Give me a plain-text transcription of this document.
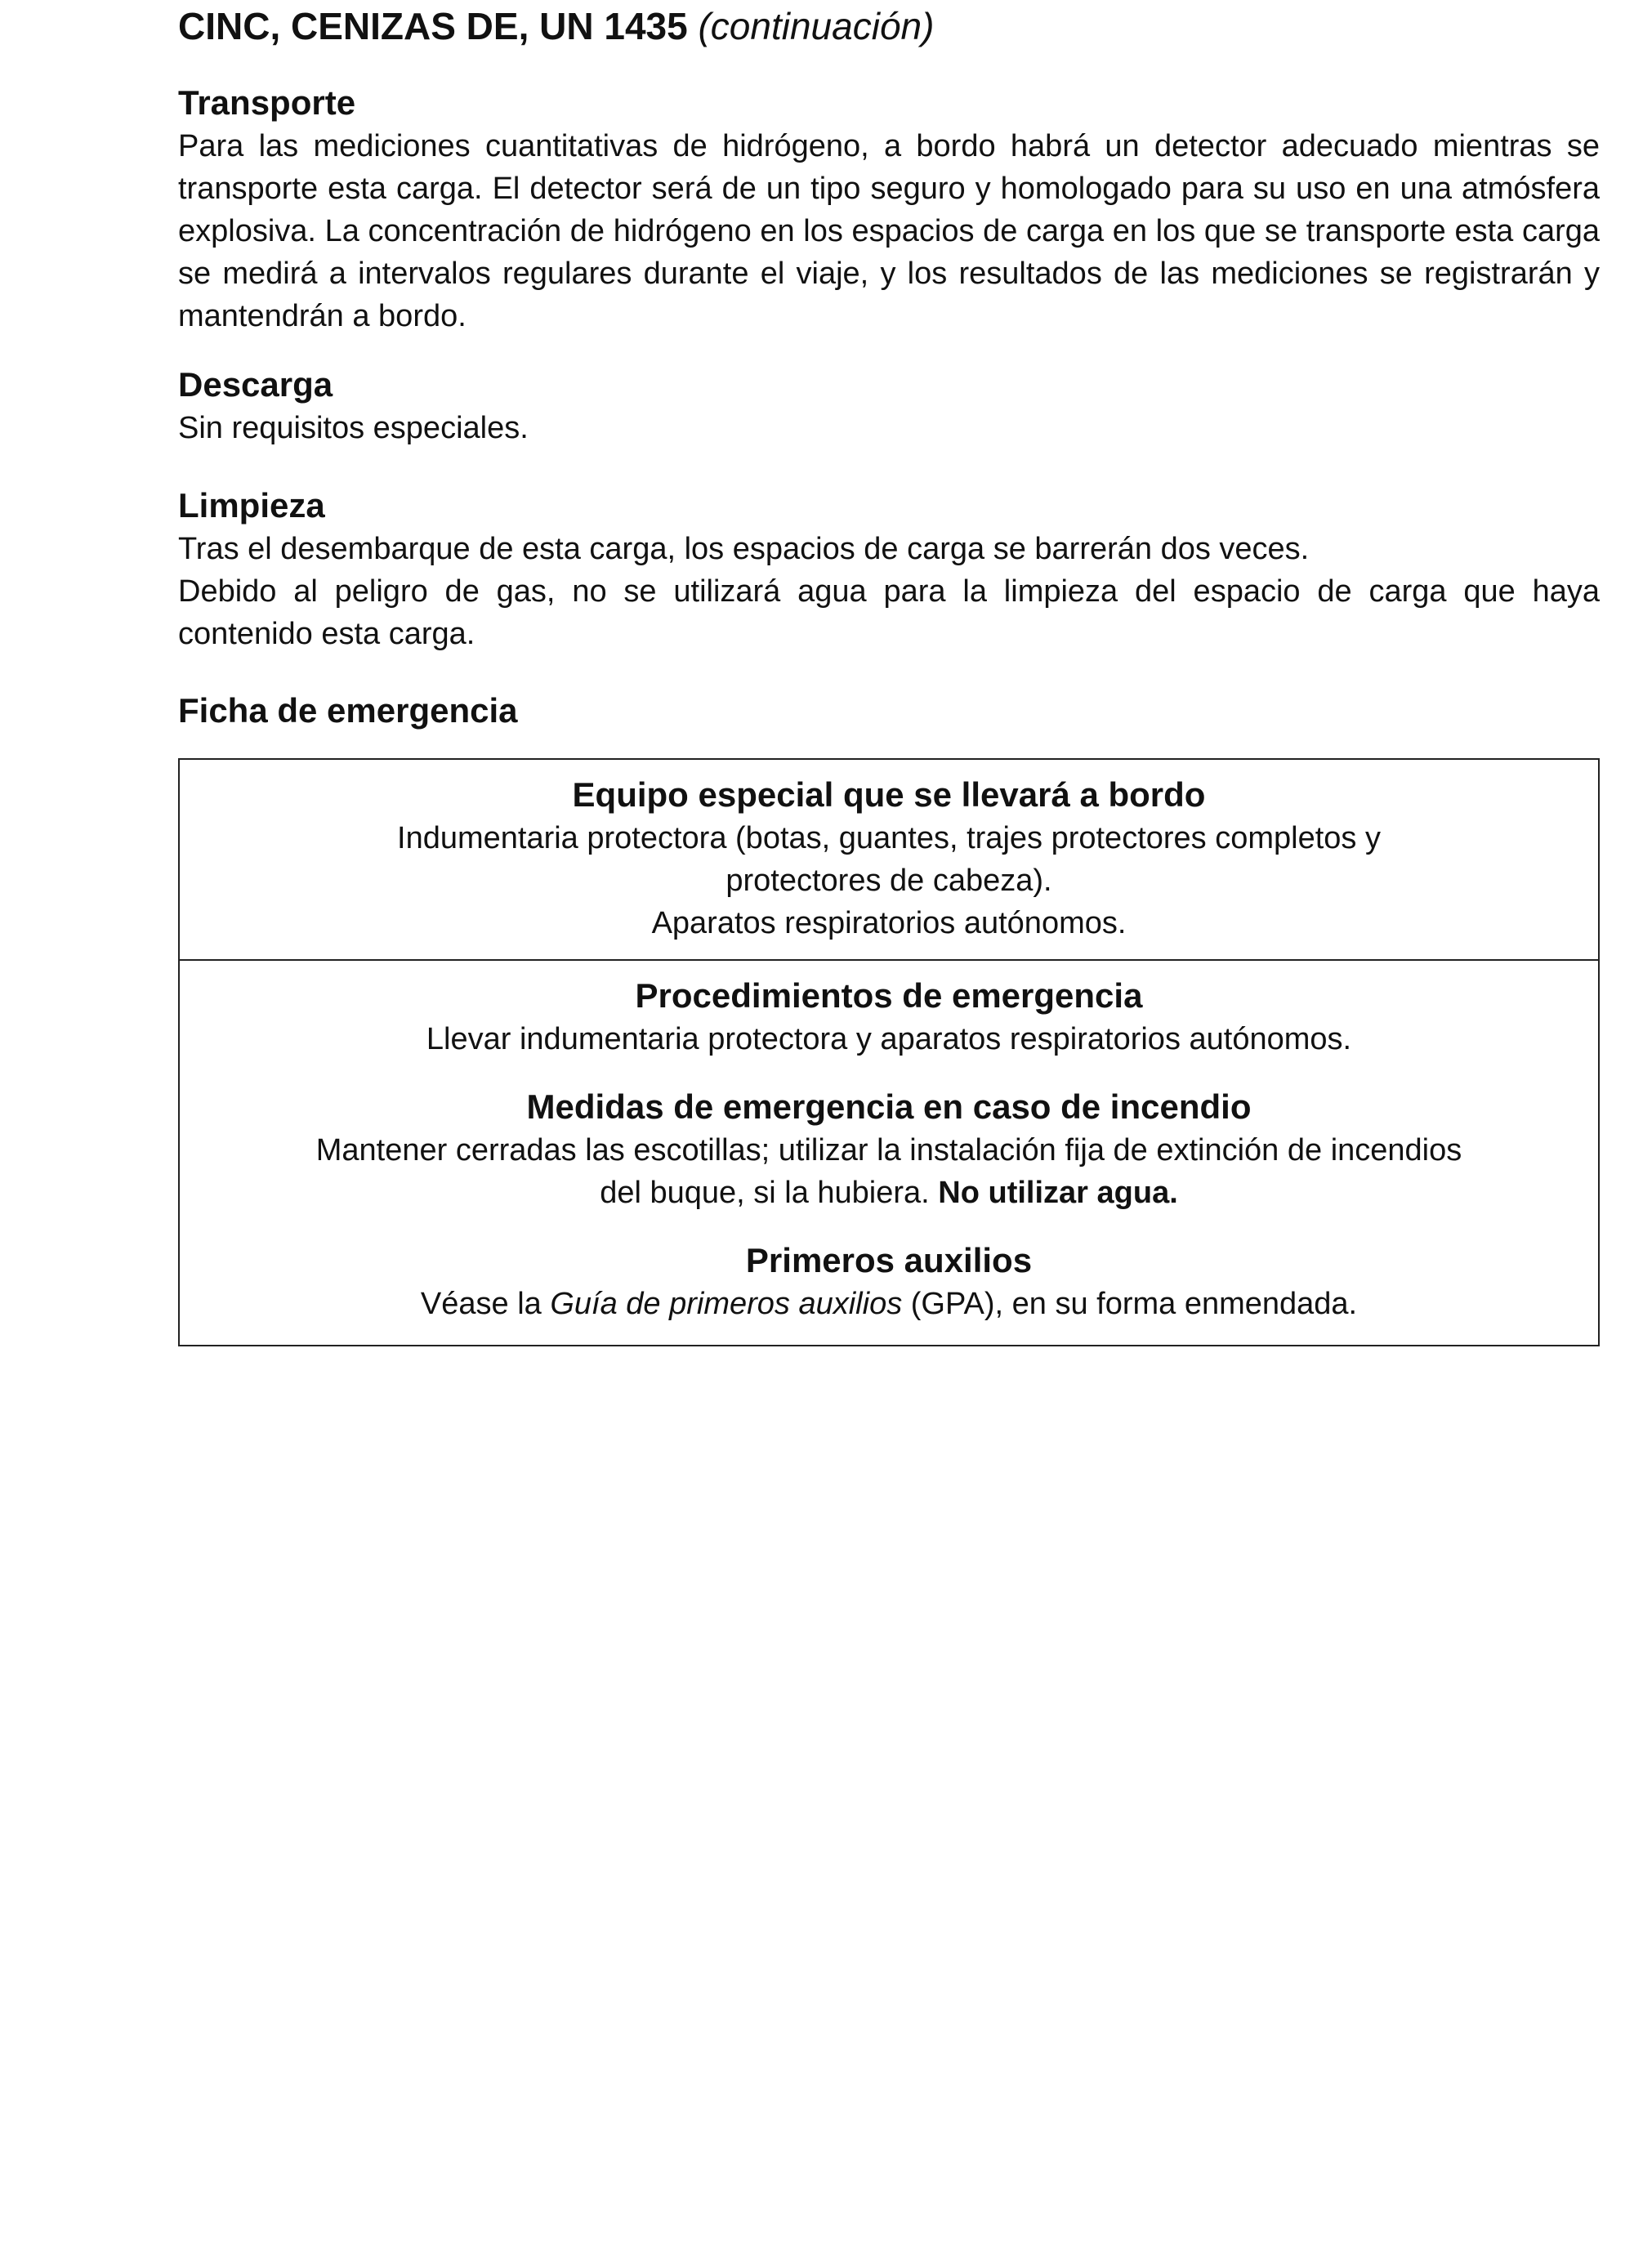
CINC, CENIZAS DE, UN 1435 (continuación)
Transporte

Para las mediciones cuantitativas de hidrógeno, a bordo habrá un detector adecuado mientras se transporte esta carga. El detector será de un tipo seguro y homologado para su uso en una atmósfera explosiva. La concentración de hidrógeno en los espacios de carga en los que se transporte esta carga se medirá a intervalos regulares durante el viaje, y los resultados de las mediciones se registrarán y mantendrán a bordo.

Descarga

Sin requisitos especiales.

Limpieza

Tras el desembarque de esta carga, los espacios de carga se barrerán dos veces.

Debido al peligro de gas, no se utilizará agua para la limpieza del espacio de carga que haya contenido esta carga.

Ficha de emergencia
Equipo especial que se llevará a bordo

Indumentaria protectora (botas, guantes, trajes protectores completos y

protectores de cabeza).

Aparatos respiratorios autónomos.

Procedimientos de emergencia

Llevar indumentaria protectora y aparatos respiratorios autónomos.

Medidas de emergencia en caso de incendio

Mantener cerradas las escotillas; utilizar la instalación fija de extinción de incendios

del buque, si la hubiera. No utilizar agua.

Primeros auxilios

Véase la Guía de primeros auxilios (GPA), en su forma enmendada.
